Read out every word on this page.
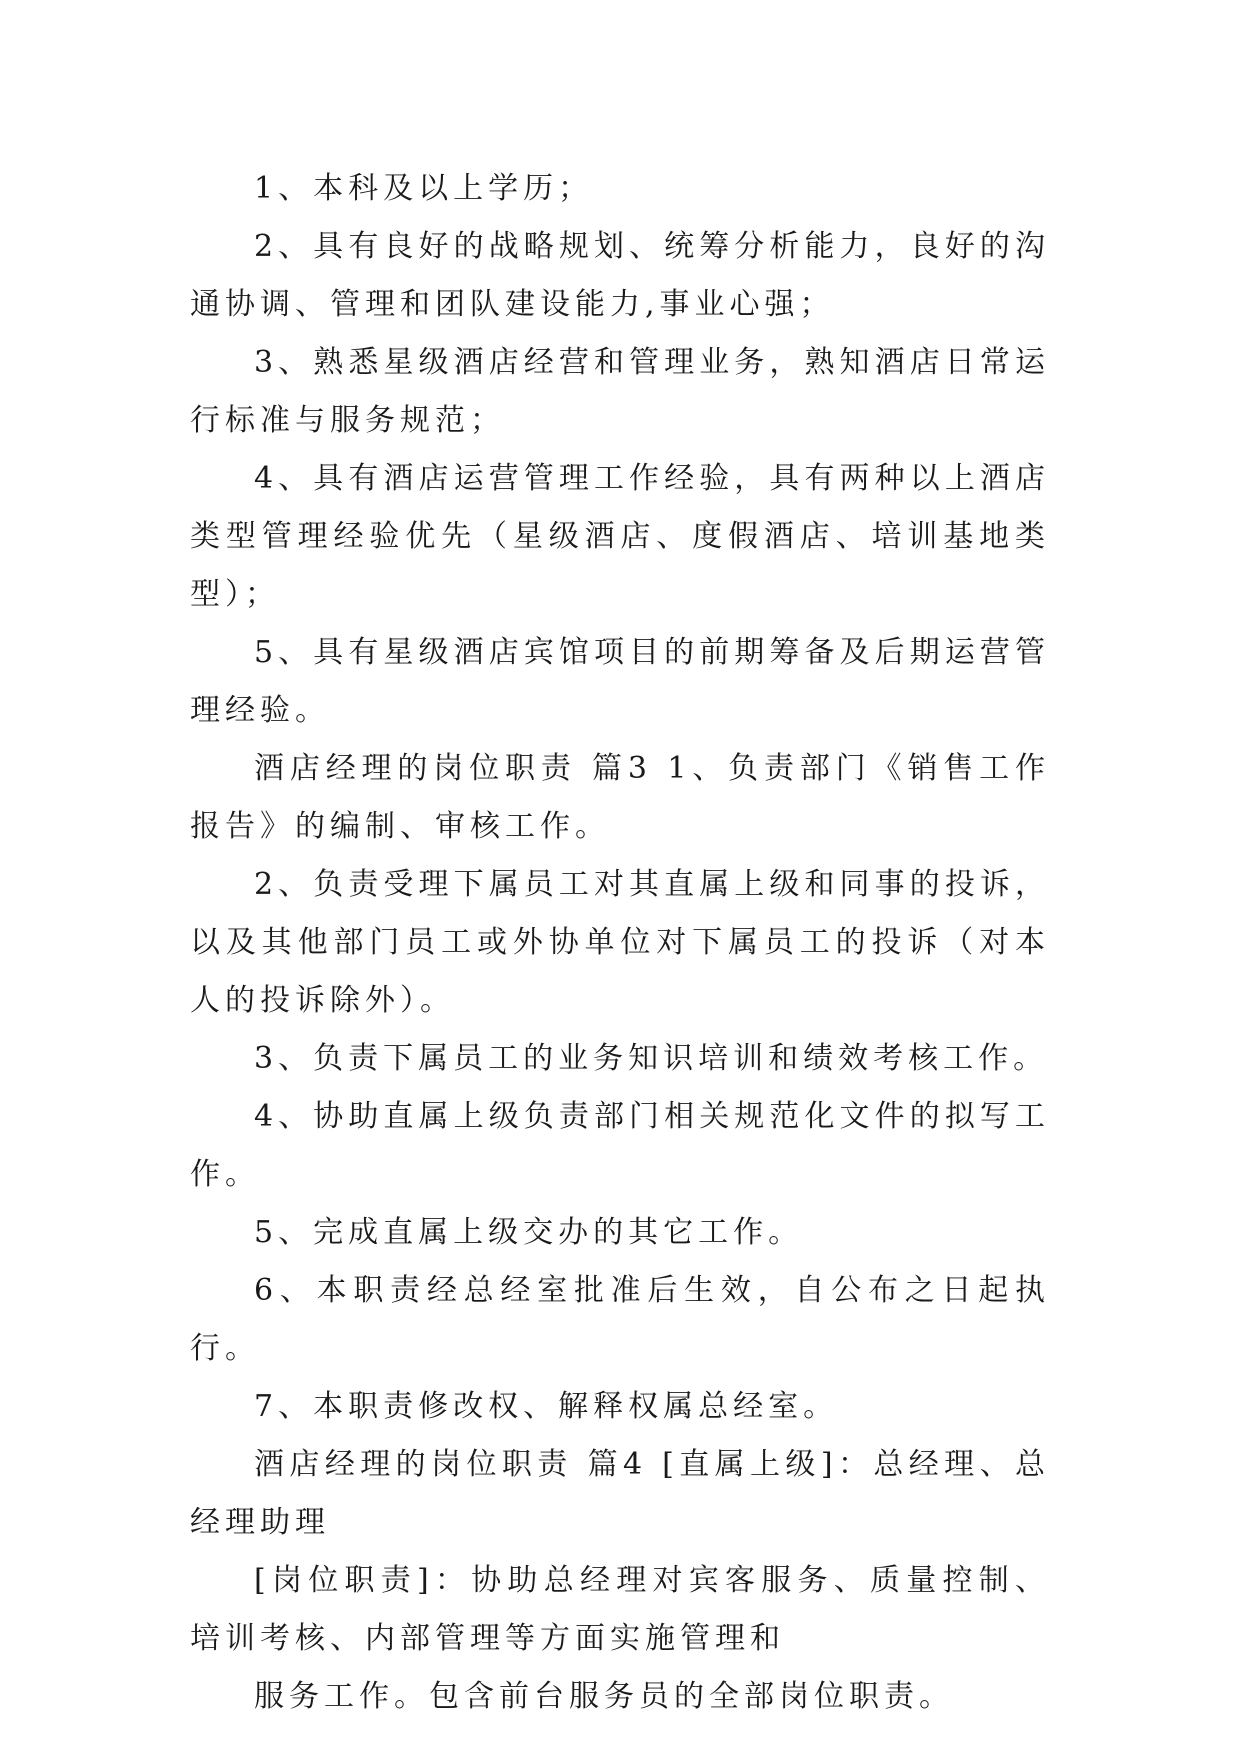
1、本科及以上学历；

2、具有良好的战略规划、统筹分析能力，良好的沟通协调、管理和团队建设能力,事业心强；

3、熟悉星级酒店经营和管理业务，熟知酒店日常运行标准与服务规范；

4、具有酒店运营管理工作经验，具有两种以上酒店类型管理经验优先（星级酒店、度假酒店、培训基地类型）；

5、具有星级酒店宾馆项目的前期筹备及后期运营管理经验。

酒店经理的岗位职责 篇3 1、负责部门《销售工作报告》的编制、审核工作。

2、负责受理下属员工对其直属上级和同事的投诉，以及其他部门员工或外协单位对下属员工的投诉（对本人的投诉除外）。

3、负责下属员工的业务知识培训和绩效考核工作。

4、协助直属上级负责部门相关规范化文件的拟写工作。

5、完成直属上级交办的其它工作。

6、本职责经总经室批准后生效，自公布之日起执行。

7、本职责修改权、解释权属总经室。

酒店经理的岗位职责 篇4 [直属上级]：总经理、总经理助理

[岗位职责]：协助总经理对宾客服务、质量控制、培训考核、内部管理等方面实施管理和

服务工作。包含前台服务员的全部岗位职责。
